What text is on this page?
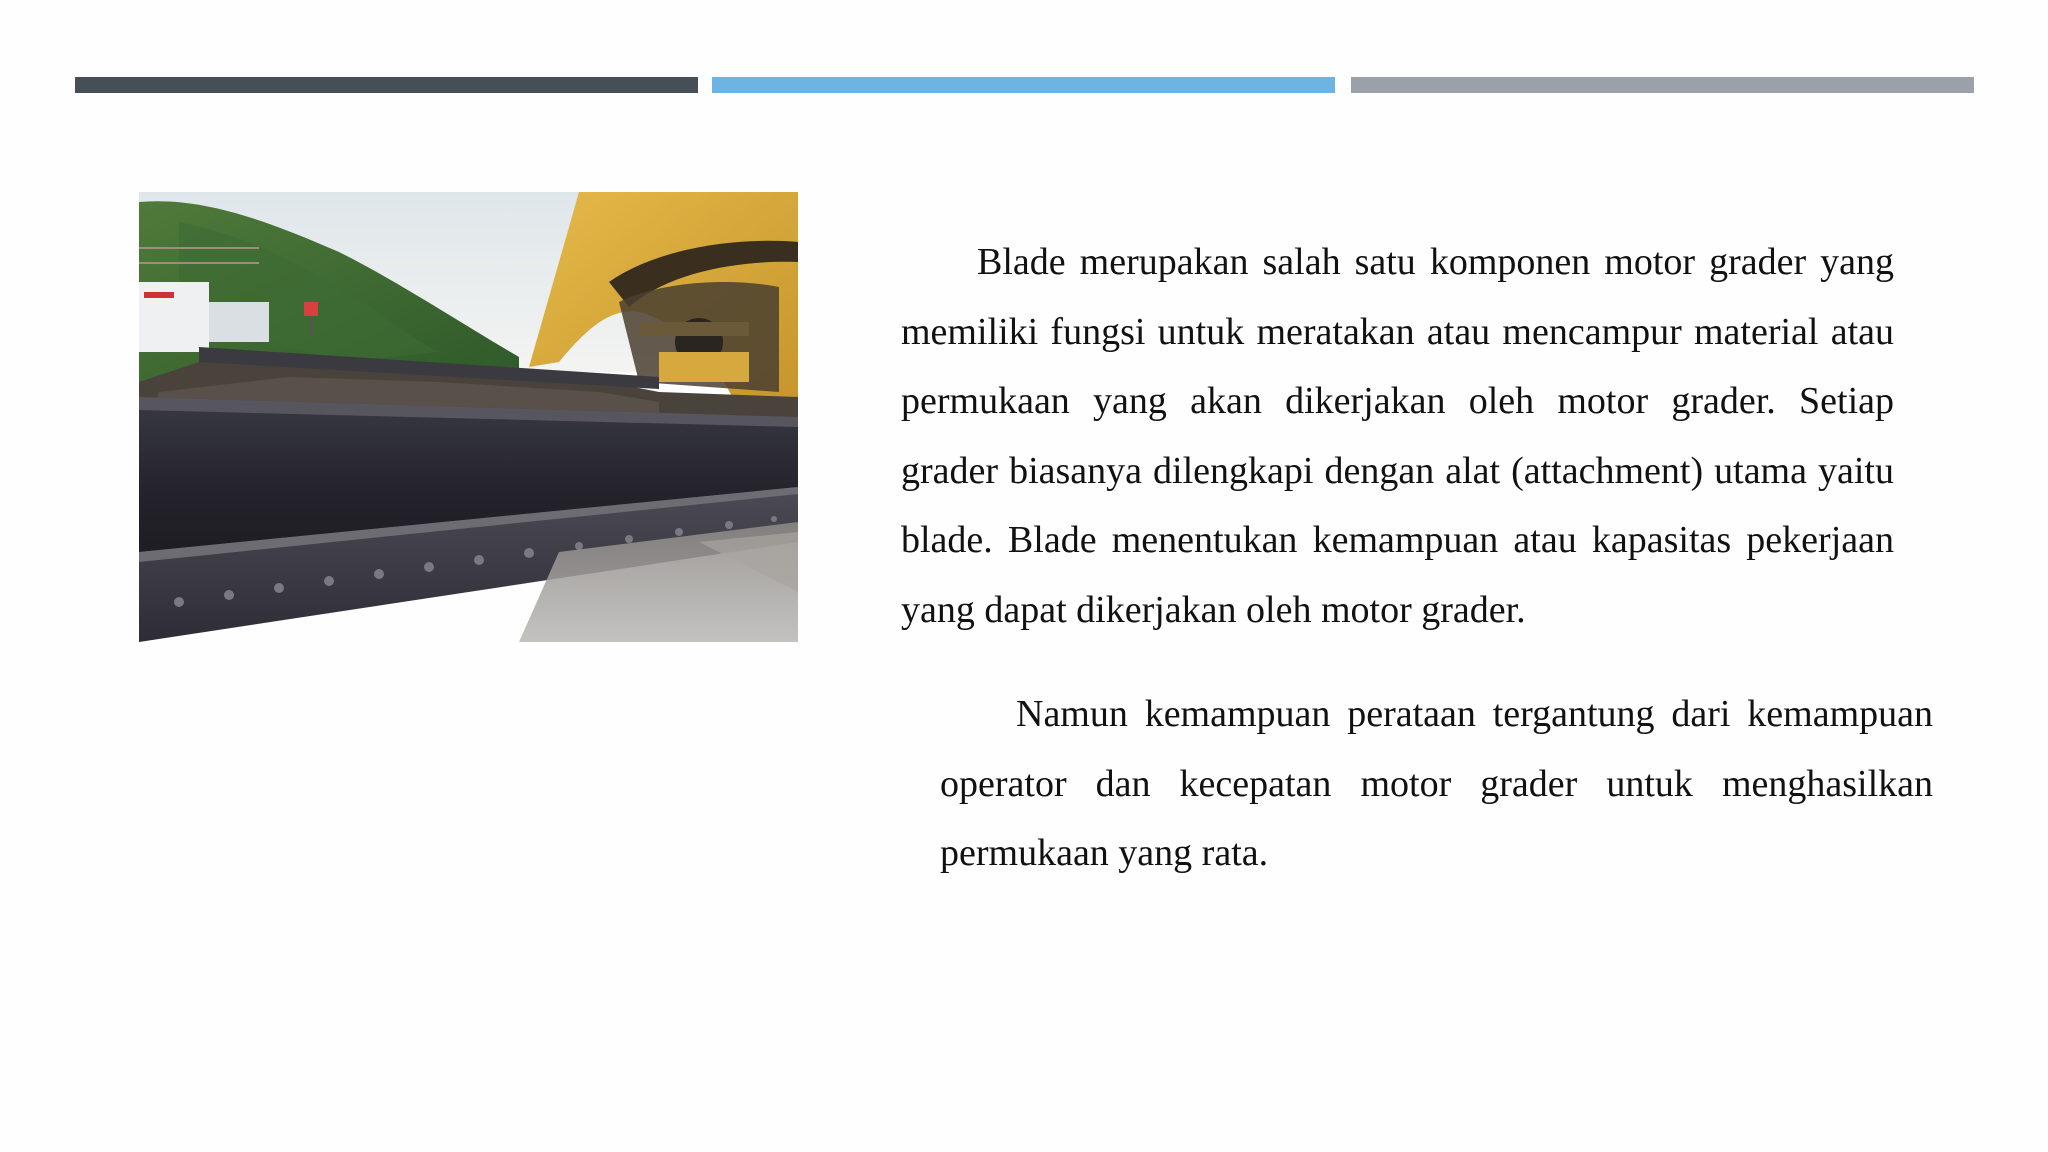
Blade merupakan salah satu komponen motor grader yang memiliki fungsi untuk meratakan atau mencampur material atau permukaan yang akan dikerjakan oleh motor grader. Setiap grader biasanya dilengkapi dengan alat (attachment) utama yaitu blade. Blade menentukan kemampuan atau kapasitas pekerjaan yang dapat dikerjakan oleh motor grader.

Namun kemampuan perataan tergantung dari kemampuan operator dan kecepatan motor grader untuk menghasilkan permukaan yang rata.
